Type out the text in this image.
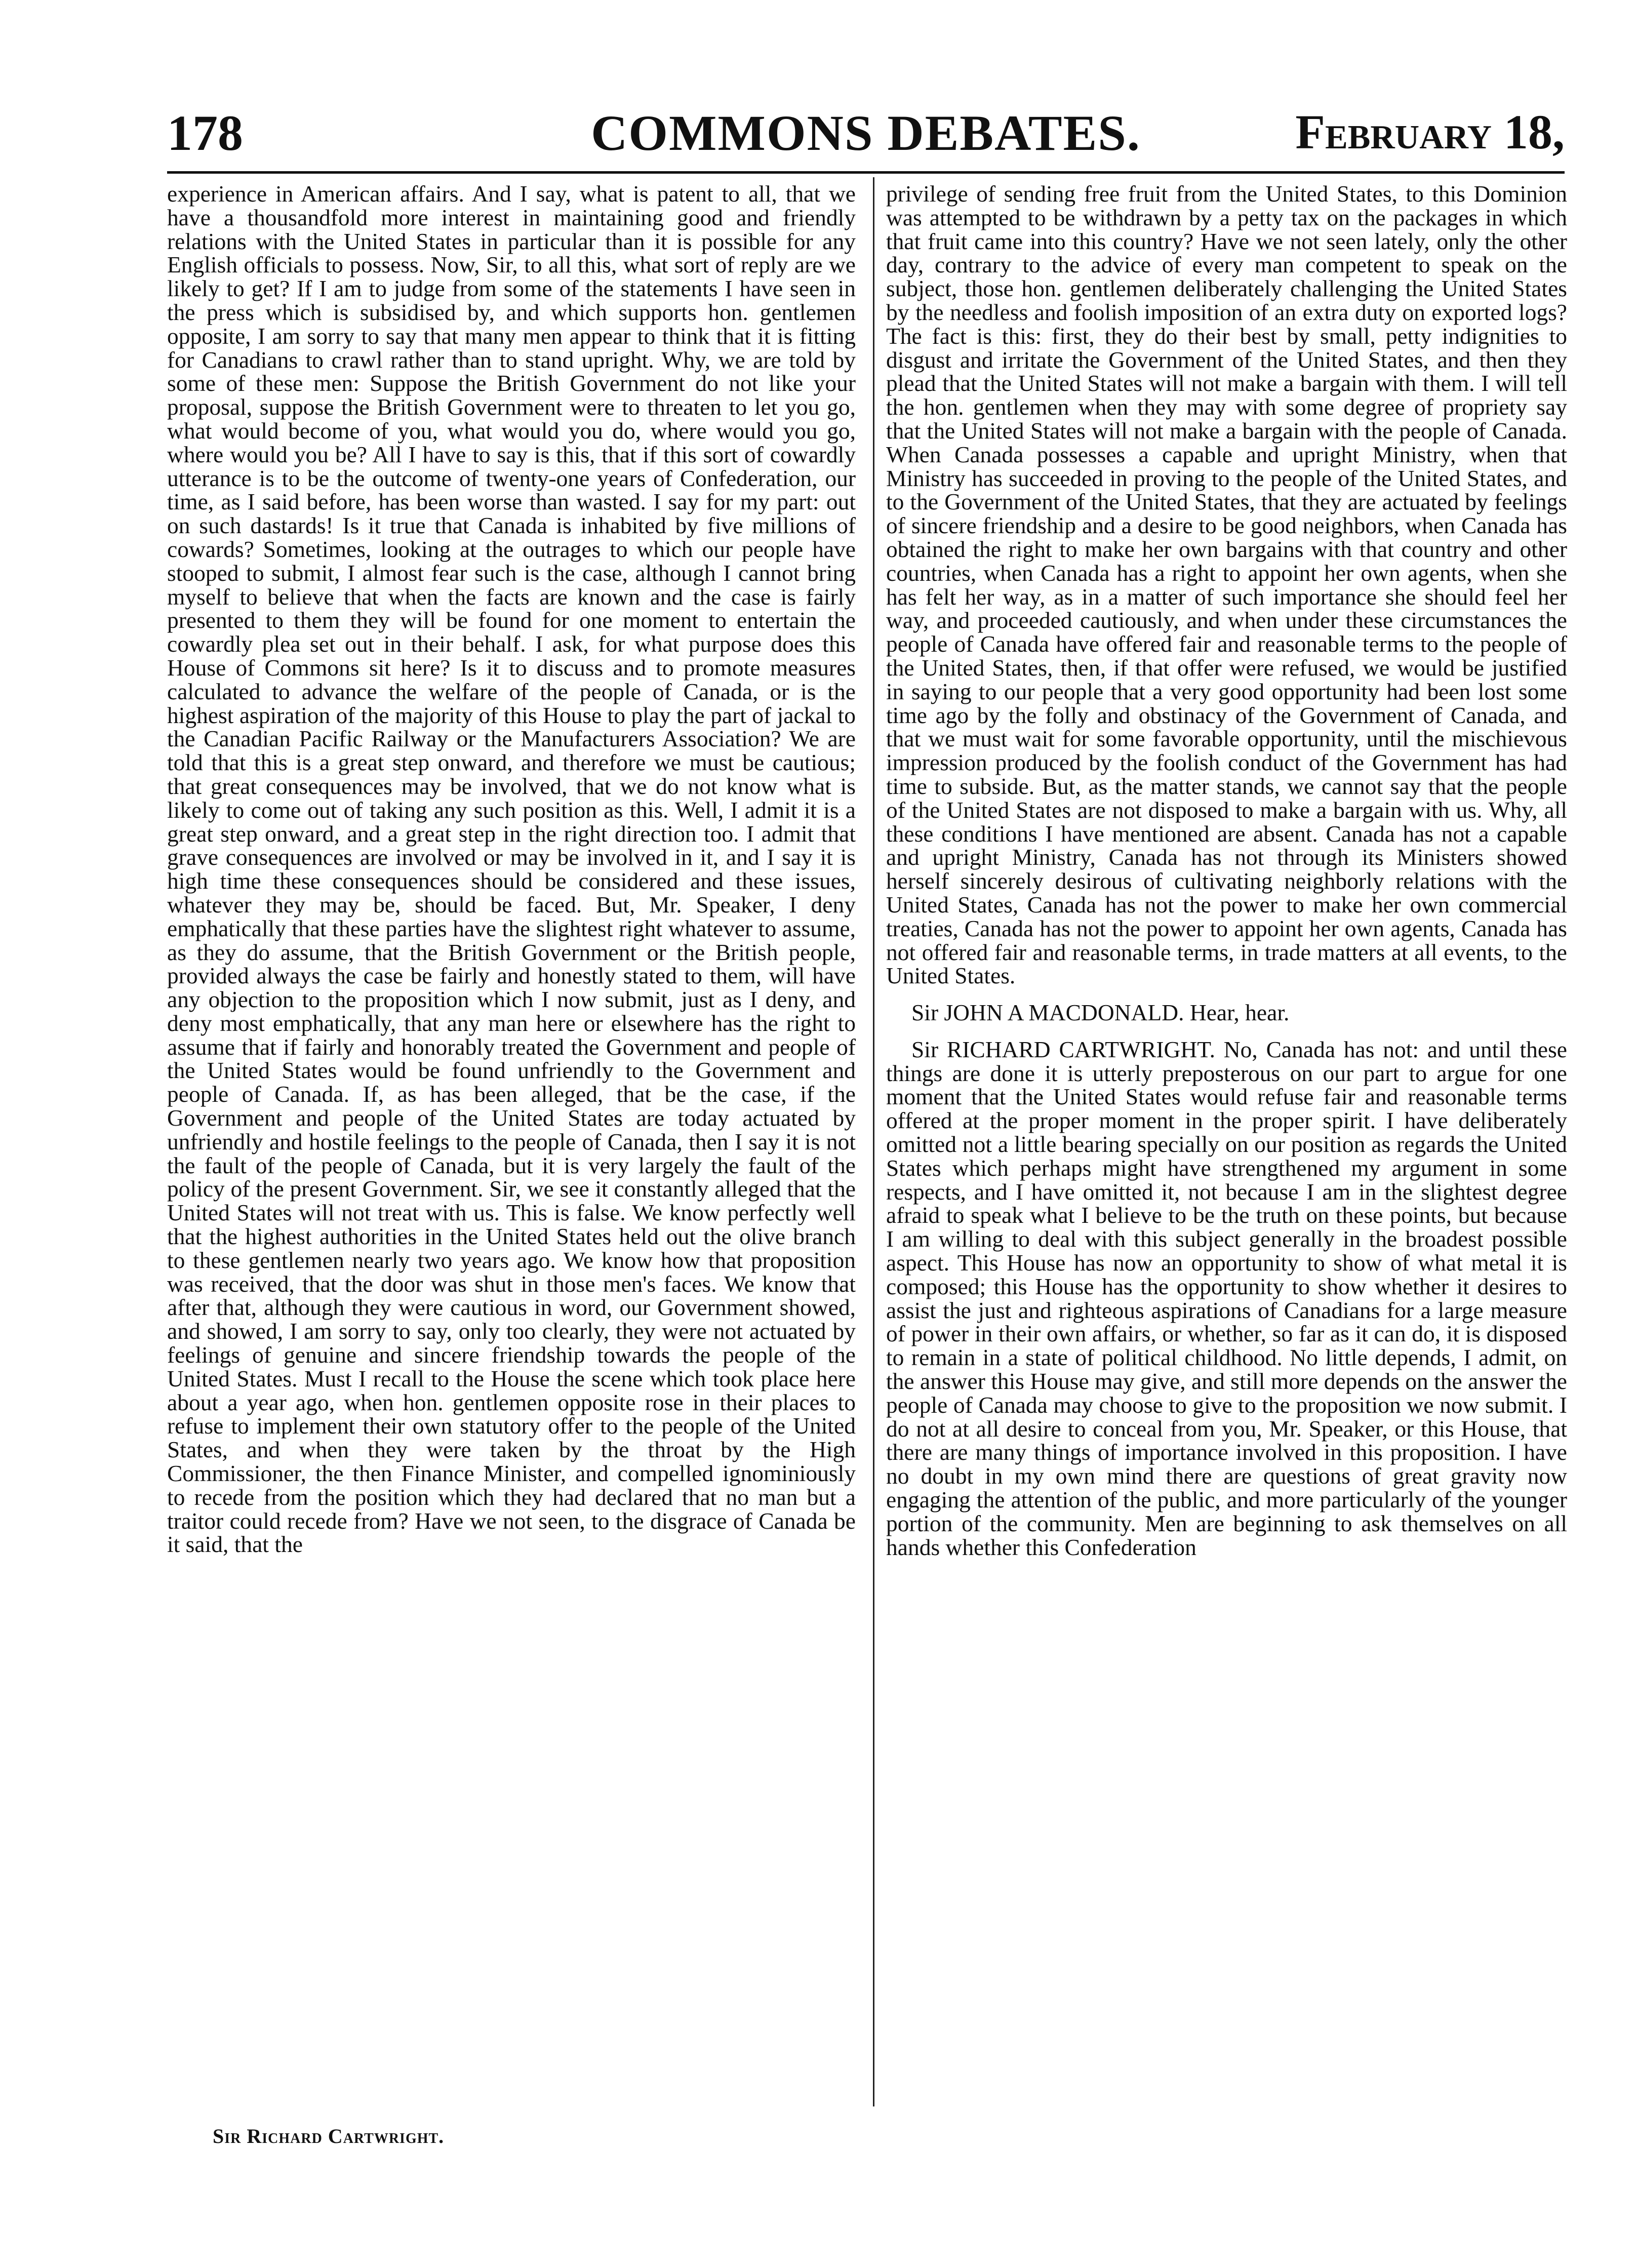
178	COMMONS DEBATES.	February 18,

experience in American affairs. And I say, what is patent to all, that we have a thousandfold more interest in maintaining good and friendly relations with the United States in particular than it is possible for any English officials to possess. Now, Sir, to all this, what sort of reply are we likely to get? If I am to judge from some of the statements I have seen in the press which is subsidised by, and which supports hon. gentlemen opposite, I am sorry to say that many men appear to think that it is fitting for Canadians to crawl rather than to stand upright. Why, we are told by some of these men: Suppose the British Government do not like your proposal, suppose the British Government were to threaten to let you go, what would become of you, what would you do, where would you go, where would you be? All I have to say is this, that if this sort of cowardly utterance is to be the outcome of twenty-one years of Confederation, our time, as I said before, has been worse than wasted. I say for my part: out on such dastards! Is it true that Canada is inhabited by five millions of cowards? Sometimes, looking at the outrages to which our people have stooped to submit, I almost fear such is the case, although I cannot bring myself to believe that when the facts are known and the case is fairly presented to them they will be found for one moment to entertain the cowardly plea set out in their behalf. I ask, for what purpose does this House of Commons sit here? Is it to discuss and to promote measures calculated to advance the welfare of the people of Canada, or is the highest aspiration of the majority of this House to play the part of jackal to the Canadian Pacific Railway or the Manufacturers Association? We are told that this is a great step onward, and therefore we must be cautious; that great consequences may be involved, that we do not know what is likely to come out of taking any such position as this. Well, I admit it is a great step onward, and a great step in the right direction too. I admit that grave consequences are involved or may be involved in it, and I say it is high time these consequences should be considered and these issues, whatever they may be, should be faced. But, Mr. Speaker, I deny emphatically that these parties have the slightest right whatever to assume, as they do assume, that the British Government or the British people, provided always the case be fairly and honestly stated to them, will have any objection to the proposition which I now submit, just as I deny, and deny most emphatically, that any man here or elsewhere has the right to assume that if fairly and honorably treated the Government and people of the United States would be found unfriendly to the Government and people of Canada. If, as has been alleged, that be the case, if the Government and people of the United States are today actuated by unfriendly and hostile feelings to the people of Canada, then I say it is not the fault of the people of Canada, but it is very largely the fault of the policy of the present Government. Sir, we see it constantly alleged that the United States will not treat with us. This is false. We know perfectly well that the highest authorities in the United States held out the olive branch to these gentlemen nearly two years ago. We know how that proposition was received, that the door was shut in those men's faces. We know that after that, although they were cautious in word, our Government showed, and showed, I am sorry to say, only too clearly, they were not actuated by feelings of genuine and sincere friendship towards the people of the United States. Must I recall to the House the scene which took place here about a year ago, when hon. gentlemen opposite rose in their places to refuse to implement their own statutory offer to the people of the United States, and when they were taken by the throat by the High Commissioner, the then Finance Minister, and compelled ignominiously to recede from the position which they had declared that no man but a traitor could recede from? Have we not seen, to the disgrace of Canada be it said, that the

privilege of sending free fruit from the United States, to this Dominion was attempted to be withdrawn by a petty tax on the packages in which that fruit came into this country? Have we not seen lately, only the other day, contrary to the advice of every man competent to speak on the subject, those hon. gentlemen deliberately challenging the United States by the needless and foolish imposition of an extra duty on exported logs? The fact is this: first, they do their best by small, petty indignities to disgust and irritate the Government of the United States, and then they plead that the United States will not make a bargain with them. I will tell the hon. gentlemen when they may with some degree of propriety say that the United States will not make a bargain with the people of Canada. When Canada possesses a capable and upright Ministry, when that Ministry has succeeded in proving to the people of the United States, and to the Government of the United States, that they are actuated by feelings of sincere friendship and a desire to be good neighbors, when Canada has obtained the right to make her own bargains with that country and other countries, when Canada has a right to appoint her own agents, when she has felt her way, as in a matter of such importance she should feel her way, and proceeded cautiously, and when under these circumstances the people of Canada have offered fair and reasonable terms to the people of the United States, then, if that offer were refused, we would be justified in saying to our people that a very good opportunity had been lost some time ago by the folly and obstinacy of the Government of Canada, and that we must wait for some favorable opportunity, until the mischievous impression produced by the foolish conduct of the Government has had time to subside. But, as the matter stands, we cannot say that the people of the United States are not disposed to make a bargain with us. Why, all these conditions I have mentioned are absent. Canada has not a capable and upright Ministry, Canada has not through its Ministers showed herself sincerely desirous of cultivating neighborly relations with the United States, Canada has not the power to make her own commercial treaties, Canada has not the power to appoint her own agents, Canada has not offered fair and reasonable terms, in trade matters at all events, to the United States.

Sir JOHN A MACDONALD. Hear, hear.

Sir RICHARD CARTWRIGHT. No, Canada has not: and until these things are done it is utterly preposterous on our part to argue for one moment that the United States would refuse fair and reasonable terms offered at the proper moment in the proper spirit. I have deliberately omitted not a little bearing specially on our position as regards the United States which perhaps might have strengthened my argument in some respects, and I have omitted it, not because I am in the slightest degree afraid to speak what I believe to be the truth on these points, but because I am willing to deal with this subject generally in the broadest possible aspect. This House has now an opportunity to show of what metal it is composed; this House has the opportunity to show whether it desires to assist the just and righteous aspirations of Canadians for a large measure of power in their own affairs, or whether, so far as it can do, it is disposed to remain in a state of political childhood. No little depends, I admit, on the answer this House may give, and still more depends on the answer the people of Canada may choose to give to the proposition we now submit. I do not at all desire to conceal from you, Mr. Speaker, or this House, that there are many things of importance involved in this proposition. I have no doubt in my own mind there are questions of great gravity now engaging the attention of the public, and more particularly of the younger portion of the community. Men are beginning to ask themselves on all hands whether this Confederation

Sir Richard Cartwright.
